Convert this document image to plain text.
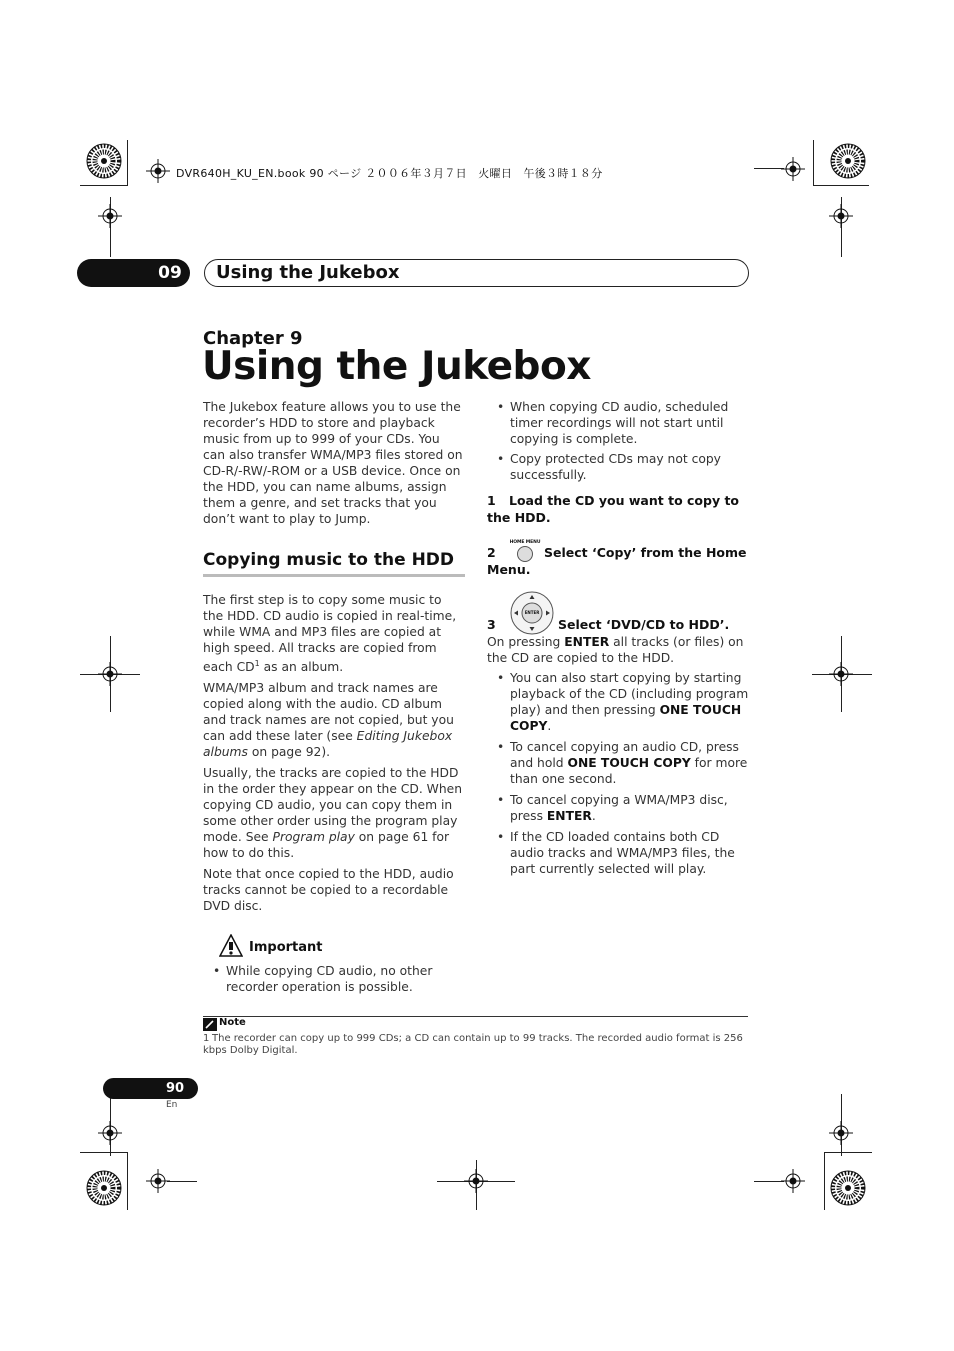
DVR640H_KU_EN.book 90 ページ ２００６年３月７日　火曜日　午後３時１８分
09	Using the Jukebox
Chapter 9
Using the Jukebox
The Jukebox feature allows you to use the recorder’s HDD to store and playback music from up to 999 of your CDs. You can also transfer WMA/MP3 files stored on CD-R/-RW/-ROM or a USB device. Once on the HDD, you can name albums, assign them a genre, and set tracks that you don’t want to play to Jump.
Copying music to the HDD
The first step is to copy some music to the HDD. CD audio is copied in real-time, while WMA and MP3 files are copied at high speed. All tracks are copied from each $CD^1$ as an album.
WMA/MP3 album and track names are copied along with the audio. CD album and track names are not copied, but you can add these later (see Editing Jukebox albums on page 92).
Usually, the tracks are copied to the HDD in the order they appear on the CD. When copying CD audio, you can copy them in some other order using the program play mode. See Program play on page 61 for how to do this.
Note that once copied to the HDD, audio tracks cannot be copied to a recordable DVD disc.
Important
• While copying CD audio, no other recorder operation is possible.
• When copying CD audio, scheduled timer recordings will not start until copying is complete.
• Copy protected CDs may not copy successfully.
1 Load the CD you want to copy to the HDD.
HOME MENU
2	Select ‘Copy’ from the Home Menu.
ENTER
3	Select ‘DVD/CD to HDD’.
On pressing ENTER all tracks (or files) on the CD are copied to the HDD.
• You can also start copying by starting playback of the CD (including program play) and then pressing ONE TOUCH COPY.
• To cancel copying an audio CD, press and hold ONE TOUCH COPY for more than one second.
• To cancel copying a WMA/MP3 disc, press ENTER.
• If the CD loaded contains both CD audio tracks and WMA/MP3 files, the part currently selected will play.
Note
1 The recorder can copy up to 999 CDs; a CD can contain up to 99 tracks. The recorded audio format is 256 kbps Dolby Digital.
90
En
